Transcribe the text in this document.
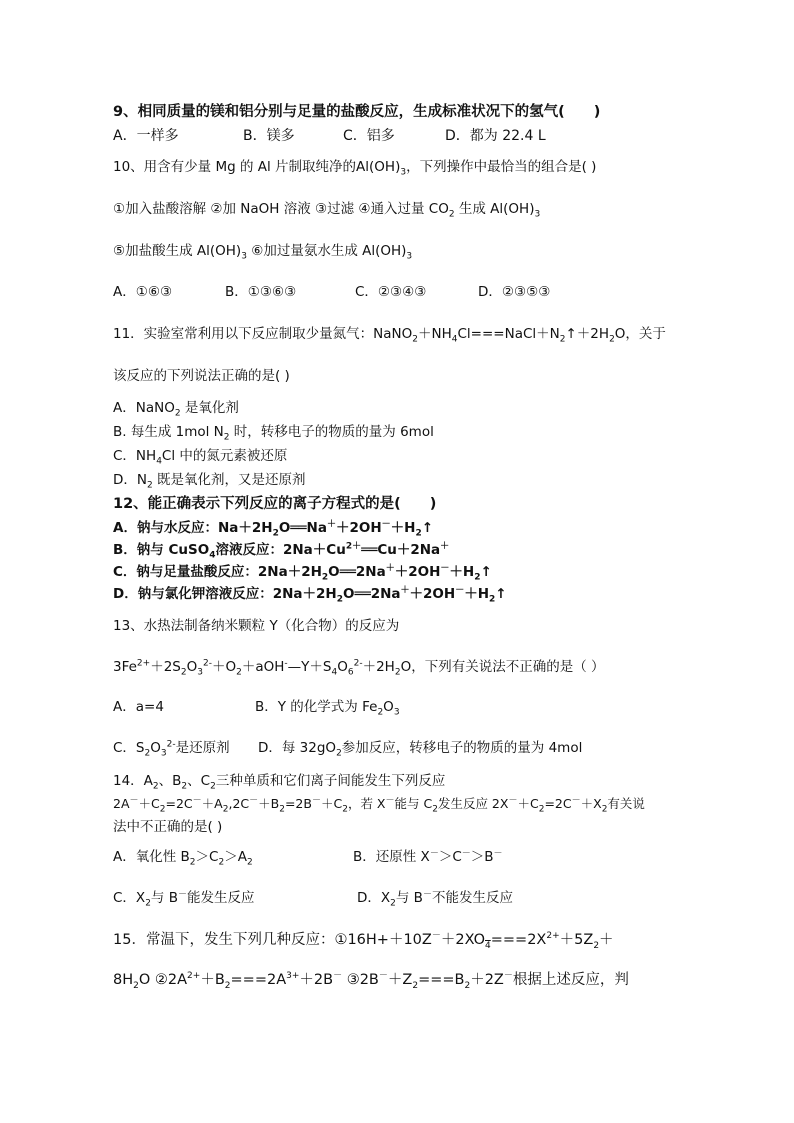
9、相同质量的镁和铝分别与足量的盐酸反应，生成标准状况下的氢气(　　)
A．一样多	B．镁多	C．铝多	D．都为 22.4 L
10、用含有少量 Mg 的 Al 片制取纯净的$Al(OH)_3$，下列操作中最恰当的组合是( )
①加入盐酸溶解 ②加 NaOH 溶液 ③过滤 ④通入过量 $CO_2$ 生成 $Al(OH)_3$
⑤加盐酸生成 $Al(OH)_3$ ⑥加过量氨水生成 $Al(OH)_3$
A．①⑥③	B．①③⑥③	C．②③④③	D．②③⑤③
11．实验室常利用以下反应制取少量氮气：$NaNO_2+NH_4Cl===NaCl+N_2↑+2H_2O$，关于
该反应的下列说法正确的是( )
A．NaNO$_2$ 是氧化剂
B. 每生成 1mol $N_2$ 时，转移电子的物质的量为 6mol
C．$NH_4Cl$ 中的氮元素被还原
D．$N_2$ 既是氧化剂，又是还原剂
12、能正确表示下列反应的离子方程式的是(　　)
A．钠与水反应：$Na+2H_2O══Na^++2OH^-+H_2↑$
B．钠与 CuSO$_4$溶液反应：$2Na+Cu^{2+}══Cu+2Na^+$
C．钠与足量盐酸反应：$2Na+2H_2O══2Na^++2OH^-+H_2↑$
D．钠与氯化钾溶液反应：$2Na+2H_2O══2Na^++2OH^-+H_2↑$
13、水热法制备纳米颗粒 Y（化合物）的反应为
$3Fe^{2+}+2S_2O_3^{2-}+O_2+aOH^-—Y+S_4O_6^{2-}+2H_2O$，下列有关说法不正确的是（ ）
A．a=4	B．Y 的化学式为 $Fe_2O_3$
C．$S_2O_3^{2-}$是还原剂 D．每 $32gO_2$参加反应，转移电子的物质的量为 4mol
14．$A_2$、$B_2$、$C_2$三种单质和它们离子间能发生下列反应
$2A^-+C_2=2C^-+A_2,2C^-+B_2=2B^-+C_2$，若 X－能与 $C_2$发生反应 $2X^-+C_2=2C^-+X_2$有关说
法中不正确的是( )
A．氧化性 $B_2>C_2>A_2$	B．还原性 X－＞C－＞B－
C．$X_2$与 B－能发生反应	D．$X_2$与 B－不能发生反应
15．常温下，发生下列几种反应：$①16H++10Z^-+2XO_4===2X^{2+}+5Z_2+$
$8H_2O$ $②2A^{2+}+B_2===2A^{3+}+2B^-$ $③2B^-+Z_2===B_2+2Z^-$根据上述反应，判
